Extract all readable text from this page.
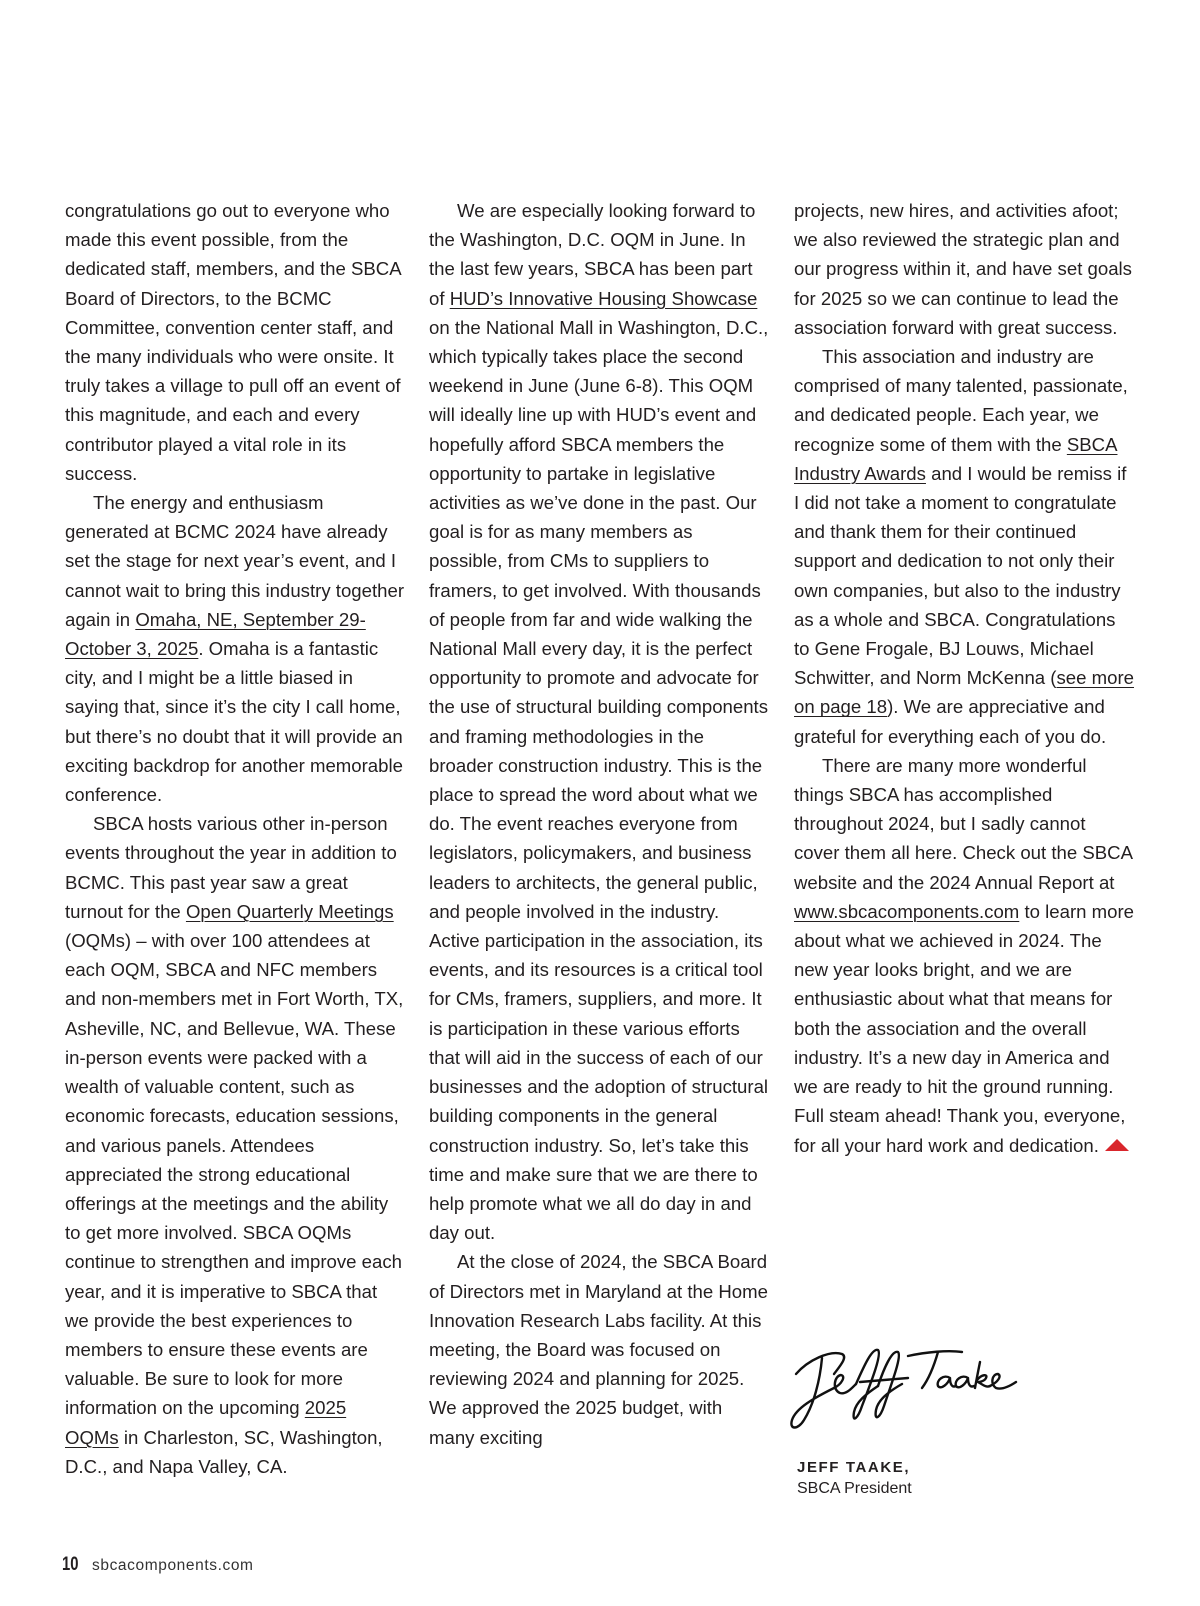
congratulations go out to everyone who made this event possible, from the dedicated staff, members, and the SBCA Board of Directors, to the BCMC Committee, convention center staff, and the many individuals who were onsite. It truly takes a village to pull off an event of this magnitude, and each and every contributor played a vital role in its success.

The energy and enthusiasm generated at BCMC 2024 have already set the stage for next year’s event, and I cannot wait to bring this industry together again in Omaha, NE, September 29-October 3, 2025. Omaha is a fantastic city, and I might be a little biased in saying that, since it’s the city I call home, but there’s no doubt that it will provide an exciting backdrop for another memorable conference.

SBCA hosts various other in-person events throughout the year in addition to BCMC. This past year saw a great turnout for the Open Quarterly Meetings (OQMs) – with over 100 attendees at each OQM, SBCA and NFC members and non-members met in Fort Worth, TX, Asheville, NC, and Bellevue, WA. These in-person events were packed with a wealth of valuable content, such as economic forecasts, education sessions, and various panels. Attendees appreciated the strong educational offerings at the meetings and the ability to get more involved. SBCA OQMs continue to strengthen and improve each year, and it is imperative to SBCA that we provide the best experiences to members to ensure these events are valuable. Be sure to look for more information on the upcoming 2025 OQMs in Charleston, SC, Washington, D.C., and Napa Valley, CA.

We are especially looking forward to the Washington, D.C. OQM in June. In the last few years, SBCA has been part of HUD’s Innovative Housing Showcase on the National Mall in Washington, D.C., which typically takes place the second weekend in June (June 6-8). This OQM will ideally line up with HUD’s event and hopefully afford SBCA members the opportunity to partake in legislative activities as we’ve done in the past. Our goal is for as many members as possible, from CMs to suppliers to framers, to get involved. With thousands of people from far and wide walking the National Mall every day, it is the perfect opportunity to promote and advocate for the use of structural building components and framing methodologies in the broader construction industry. This is the place to spread the word about what we do. The event reaches everyone from legislators, policymakers, and business leaders to architects, the general public, and people involved in the industry. Active participation in the association, its events, and its resources is a critical tool for CMs, framers, suppliers, and more. It is participation in these various efforts that will aid in the success of each of our businesses and the adoption of structural building components in the general construction industry. So, let’s take this time and make sure that we are there to help promote what we all do day in and day out.

At the close of 2024, the SBCA Board of Directors met in Maryland at the Home Innovation Research Labs facility. At this meeting, the Board was focused on reviewing 2024 and planning for 2025. We approved the 2025 budget, with many exciting

projects, new hires, and activities afoot; we also reviewed the strategic plan and our progress within it, and have set goals for 2025 so we can continue to lead the association forward with great success.

This association and industry are comprised of many talented, passionate, and dedicated people. Each year, we recognize some of them with the SBCA Industry Awards and I would be remiss if I did not take a moment to congratulate and thank them for their continued support and dedication to not only their own companies, but also to the industry as a whole and SBCA. Congratulations to Gene Frogale, BJ Louws, Michael Schwitter, and Norm McKenna (see more on page 18). We are appreciative and grateful for everything each of you do.

There are many more wonderful things SBCA has accomplished throughout 2024, but I sadly cannot cover them all here. Check out the SBCA website and the 2024 Annual Report at www.sbcacomponents.com to learn more about what we achieved in 2024. The new year looks bright, and we are enthusiastic about what that means for both the association and the overall industry. It’s a new day in America and we are ready to hit the ground running. Full steam ahead! Thank you, everyone, for all your hard work and dedication.

JEFF TAAKE,
SBCA President
10 sbcacomponents.com
